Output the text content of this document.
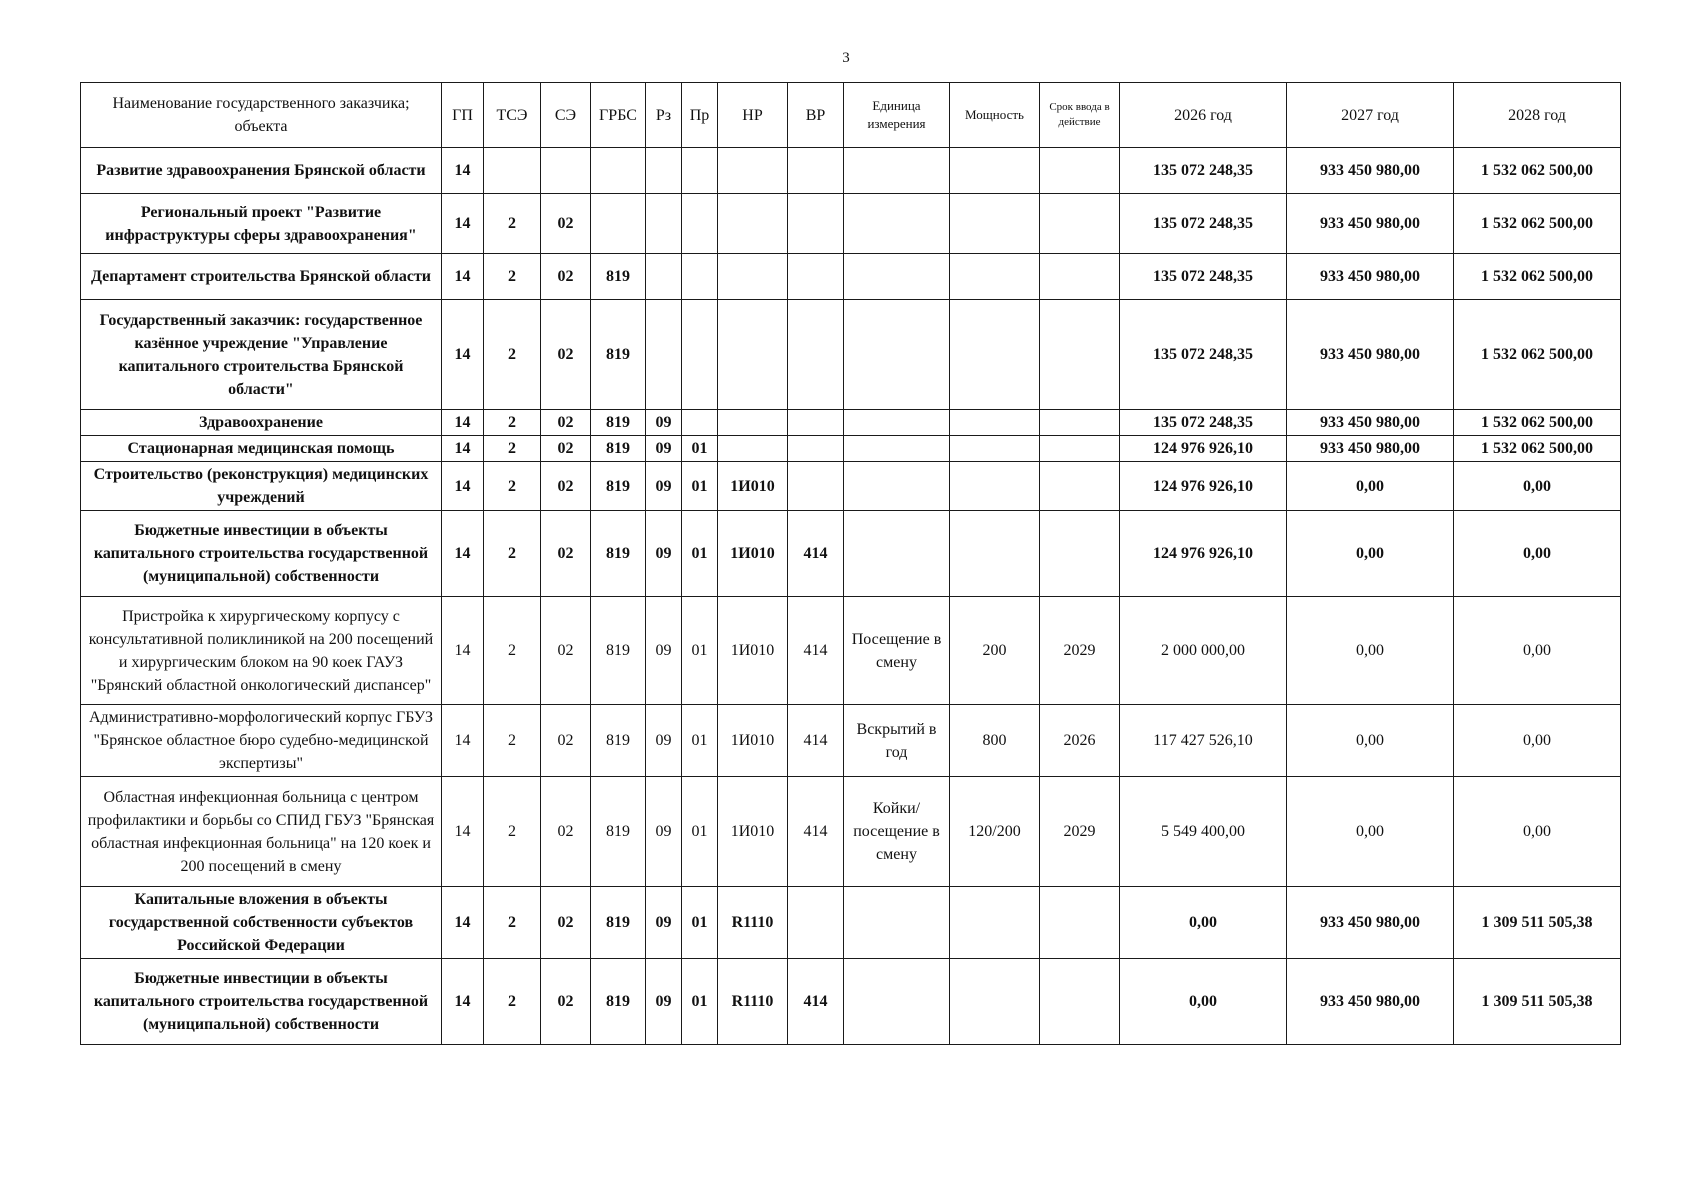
3
Наименование государственного заказчика; объекта	ГП	ТСЭ	СЭ	ГРБС	Рз	Пр	НР	ВР	Единица измерения	Мощность	Срок ввода в действие	2026 год	2027 год	2028 год
Развитие здравоохранения Брянской области	14											135 072 248,35	933 450 980,00	1 532 062 500,00
Региональный проект "Развитие инфраструктуры сферы здравоохранения"	14	2	02									135 072 248,35	933 450 980,00	1 532 062 500,00
Департамент строительства Брянской области	14	2	02	819								135 072 248,35	933 450 980,00	1 532 062 500,00
Государственный заказчик: государственное казённое учреждение "Управление капитального строительства Брянской области"	14	2	02	819								135 072 248,35	933 450 980,00	1 532 062 500,00
Здравоохранение	14	2	02	819	09							135 072 248,35	933 450 980,00	1 532 062 500,00
Стационарная медицинская помощь	14	2	02	819	09	01						124 976 926,10	933 450 980,00	1 532 062 500,00
Строительство (реконструкция) медицинских учреждений	14	2	02	819	09	01	1И010					124 976 926,10	0,00	0,00
Бюджетные инвестиции в объекты капитального строительства государственной (муниципальной) собственности	14	2	02	819	09	01	1И010	414				124 976 926,10	0,00	0,00
Пристройка к хирургическому корпусу с консультативной поликлиникой на 200 посещений и хирургическим блоком на 90 коек ГАУЗ "Брянский областной онкологический диспансер"	14	2	02	819	09	01	1И010	414	Посещение в смену	200	2029	2 000 000,00	0,00	0,00
Административно-морфологический корпус ГБУЗ "Брянское областное бюро судебно-медицинской экспертизы"	14	2	02	819	09	01	1И010	414	Вскрытий в год	800	2026	117 427 526,10	0,00	0,00
Областная инфекционная больница с центром профилактики и борьбы со СПИД ГБУЗ "Брянская областная инфекционная больница" на 120 коек и 200 посещений в смену	14	2	02	819	09	01	1И010	414	Койки/ посещение в смену	120/200	2029	5 549 400,00	0,00	0,00
Капитальные вложения в объекты государственной собственности субъектов Российской Федерации	14	2	02	819	09	01	R1110					0,00	933 450 980,00	1 309 511 505,38
Бюджетные инвестиции в объекты капитального строительства государственной (муниципальной) собственности	14	2	02	819	09	01	R1110	414				0,00	933 450 980,00	1 309 511 505,38
